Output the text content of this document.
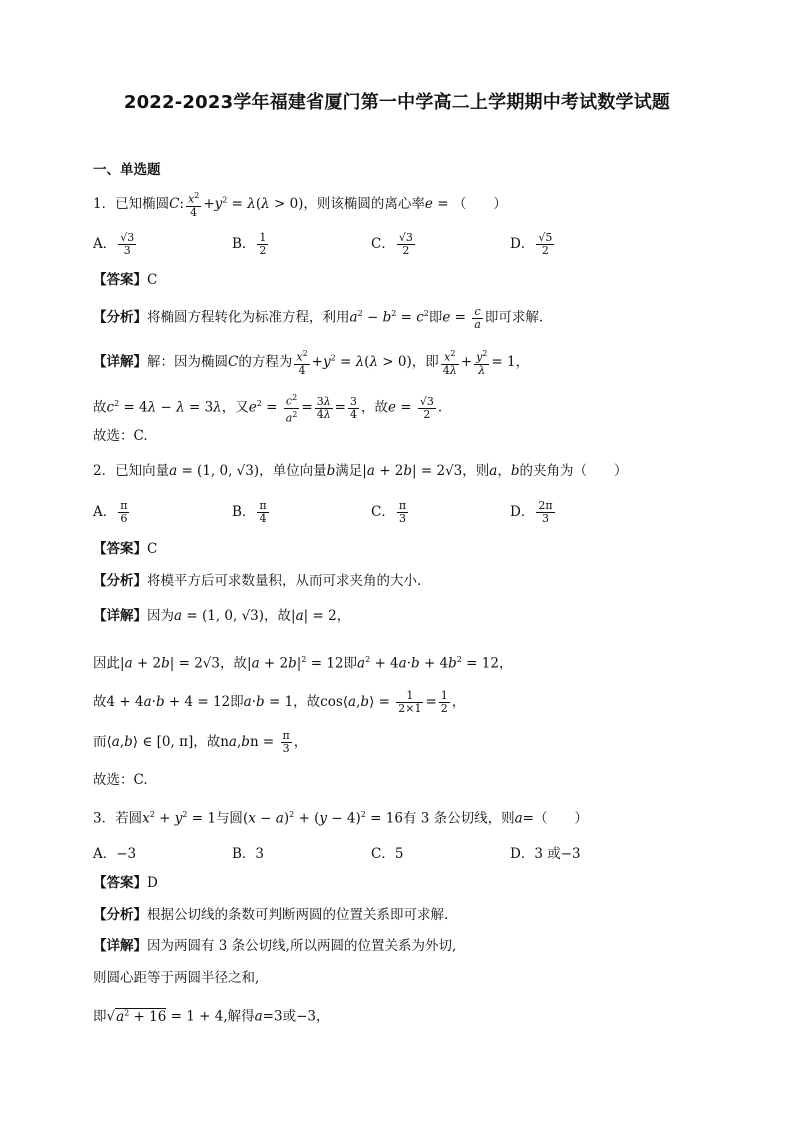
2022-2023学年福建省厦门第一中学高二上学期期中考试数学试题
一、单选题
1．已知椭圆C: $\frac{x^2}{4} +y^2 = \lambda(\lambda > 0)$，则该椭圆的离心率e = （　　）
A． $\frac{√3}{3}$	B． $\frac{1}{2}$	C． $\frac{√3}{2}$	D． $\frac{√5}{2}$
【答案】C
【分析】将椭圆方程转化为标准方程，利用$a^2 - b^2 = c^2$即$e = \frac{c}{a}$ 即可求解.
【详解】解：因为椭圆C的方程为 $\frac{x^2}{4} +y^2 = \lambda(\lambda > 0)$，即 $\frac{x^2}{4\lambda} + \frac{y^2}{\lambda} = 1$，
故$c^2 = 4\lambda - \lambda = 3\lambda$，又$e^2 = \frac{c^2}{a^2} = \frac{3\lambda}{4\lambda} = \frac{3}{4}$ ，故$e = \frac{√3}{2}$ .
故选：C.
2．已知向量a = (1, 0, √3)，单位向量b满足|a + 2b| = 2√3，则a，b的夹角为（　　）
A． $\frac{\pi}{6}$	B． $\frac{\pi}{4}$	C． $\frac{\pi}{3}$	D． $\frac{2\pi}{3}$
【答案】C
【分析】将模平方后可求数量积，从而可求夹角的大小.
【详解】因为a = (1, 0, √3)，故|a| = 2，
因此|a + 2b| = 2√3，故$|a + 2b|^2 = 12$即$a^2 + 4a\cdot b + 4b^2 = 12$，
故4 + 4a·b + 4 = 12即a·b = 1，故cos⟨a,b⟩ = $\frac{1}{2\times 1} = \frac{1}{2}$ ，
而⟨a,b⟩ ∈ [0, π]，故$na,bn = \frac{\pi}{3}$ ，
故选：C.
3．若圆$x^2 + y^2 = 1$与圆$(x - a)^2 + (y - 4)^2 = 16$有 3 条公切线，则a=（　　）
A．−3	B．3	C．5	D．3 或−3
【答案】D
【分析】根据公切线的条数可判断两圆的位置关系即可求解.
【详解】因为两圆有 3 条公切线,所以两圆的位置关系为外切,
则圆心距等于两圆半径之和,
即$√a^2 + 16 = 1 + 4$,解得a=3或−3，
